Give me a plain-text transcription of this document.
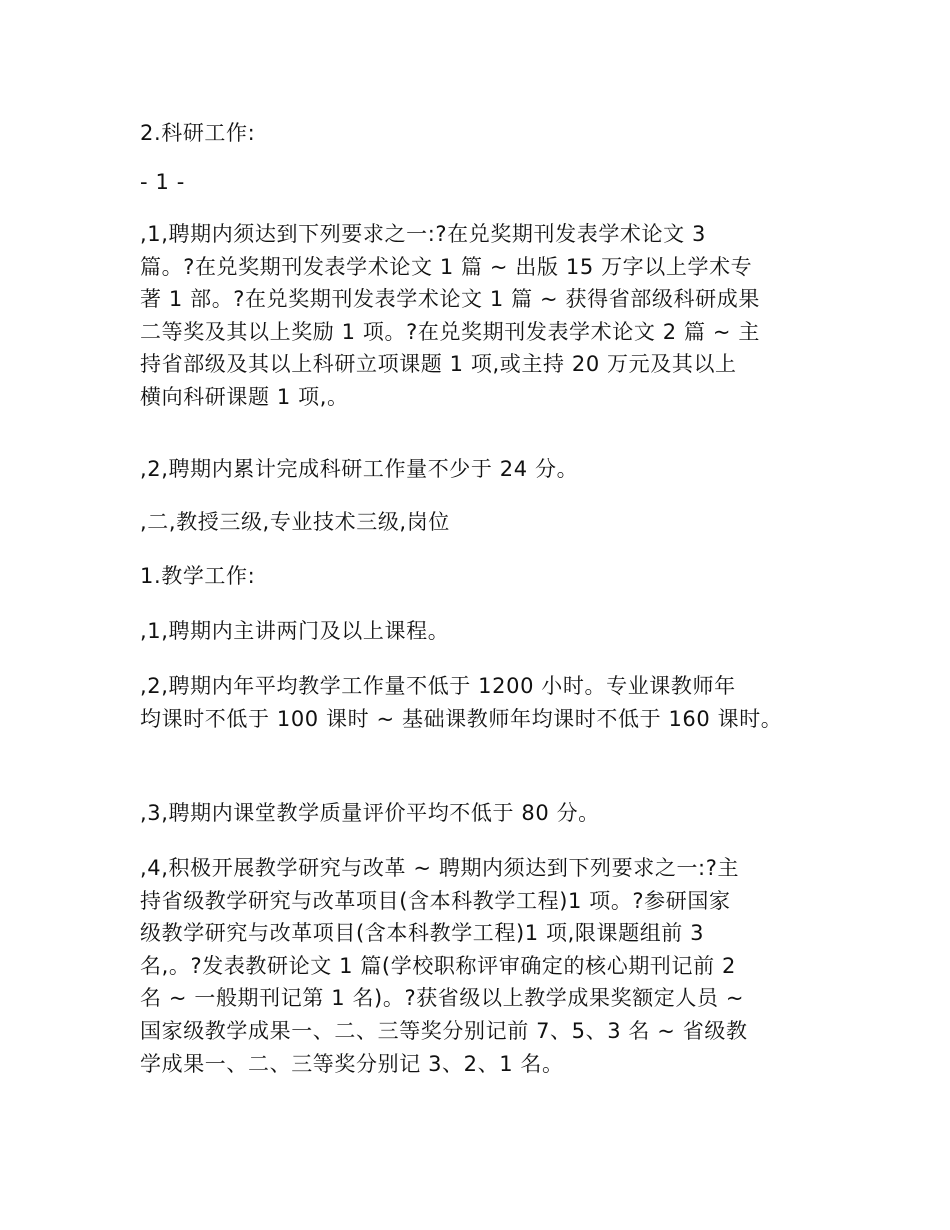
2.科研工作:

- 1 -

,1,聘期内须达到下列要求之一:?在兑奖期刊发表学术论文 3
篇。?在兑奖期刊发表学术论文 1 篇 ~ 出版 15 万字以上学术专
著 1 部。?在兑奖期刊发表学术论文 1 篇 ~ 获得省部级科研成果
二等奖及其以上奖励 1 项。?在兑奖期刊发表学术论文 2 篇 ~ 主
持省部级及其以上科研立项课题 1 项,或主持 20 万元及其以上
横向科研课题 1 项,。

,2,聘期内累计完成科研工作量不少于 24 分。

,二,教授三级,专业技术三级,岗位

1.教学工作:

,1,聘期内主讲两门及以上课程。

,2,聘期内年平均教学工作量不低于 1200 小时。专业课教师年
均课时不低于 100 课时 ~ 基础课教师年均课时不低于 160 课时。

,3,聘期内课堂教学质量评价平均不低于 80 分。

,4,积极开展教学研究与改革 ~ 聘期内须达到下列要求之一:?主
持省级教学研究与改革项目(含本科教学工程)1 项。?参研国家
级教学研究与改革项目(含本科教学工程)1 项,限课题组前 3
名,。?发表教研论文 1 篇(学校职称评审确定的核心期刊记前 2
名 ~ 一般期刊记第 1 名)。?获省级以上教学成果奖额定人员 ~
国家级教学成果一、二、三等奖分别记前 7、5、3 名 ~ 省级教
学成果一、二、三等奖分别记 3、2、1 名。
